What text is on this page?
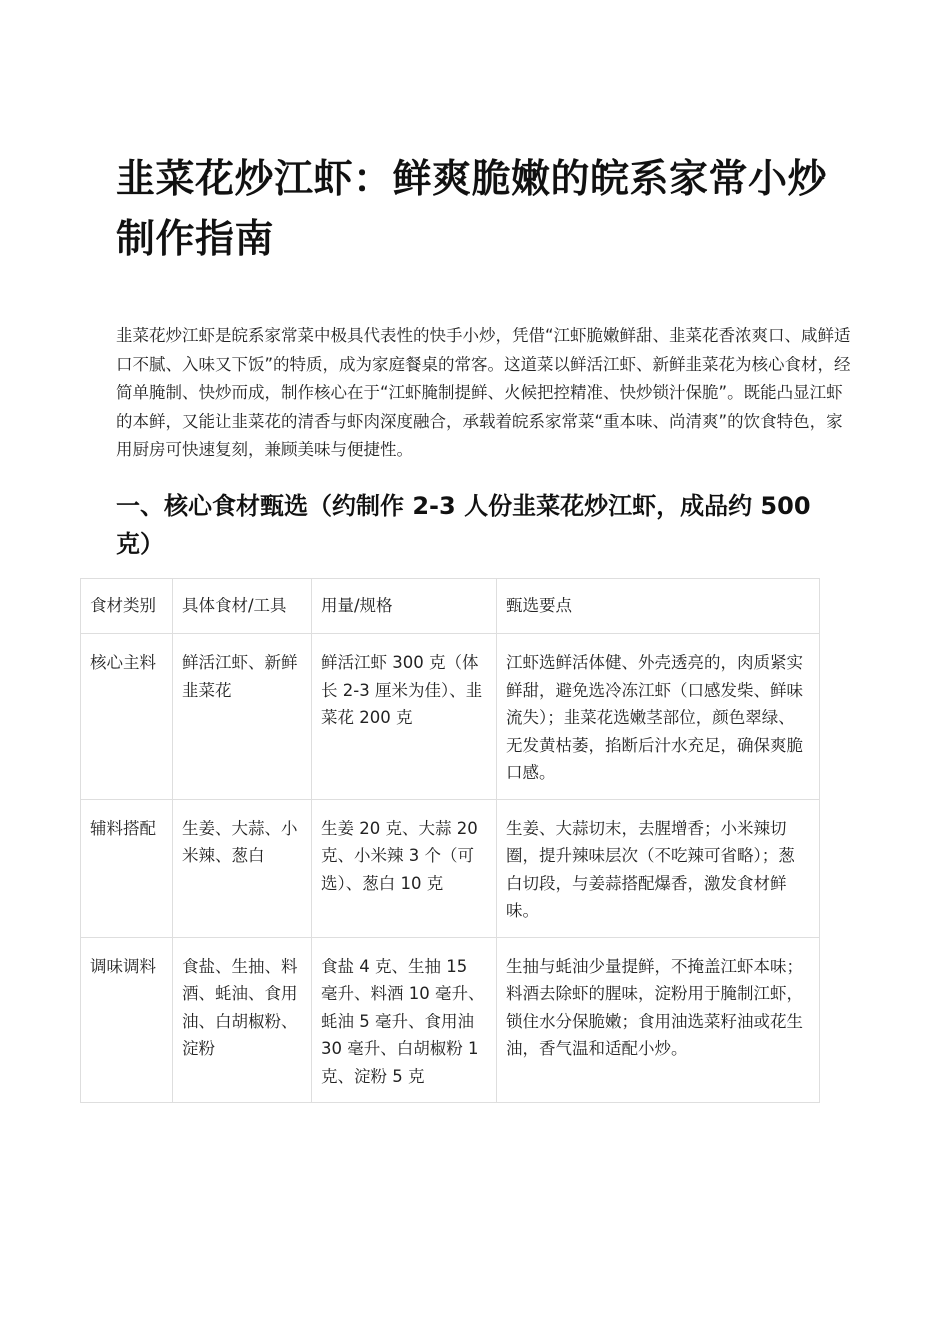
韭菜花炒江虾：鲜爽脆嫩的皖系家常小炒制作指南

韭菜花炒江虾是皖系家常菜中极具代表性的快手小炒，凭借“江虾脆嫩鲜甜、韭菜花香浓爽口、咸鲜适口不腻、入味又下饭”的特质，成为家庭餐桌的常客。这道菜以鲜活江虾、新鲜韭菜花为核心食材，经简单腌制、快炒而成，制作核心在于“江虾腌制提鲜、火候把控精准、快炒锁汁保脆”。既能凸显江虾的本鲜，又能让韭菜花的清香与虾肉深度融合，承载着皖系家常菜“重本味、尚清爽”的饮食特色，家用厨房可快速复刻，兼顾美味与便捷性。

一、核心食材甄选（约制作 2-3 人份韭菜花炒江虾，成品约 500 克）
食材类别	具体食材/工具	用量/规格	甄选要点
核心主料	鲜活江虾、新鲜韭菜花	鲜活江虾 300 克（体长 2-3 厘米为佳）、韭菜花 200 克	江虾选鲜活体健、外壳透亮的，肉质紧实鲜甜，避免选冷冻江虾（口感发柴、鲜味流失）；韭菜花选嫩茎部位，颜色翠绿、无发黄枯萎，掐断后汁水充足，确保爽脆口感。
辅料搭配	生姜、大蒜、小米辣、葱白	生姜 20 克、大蒜 20 克、小米辣 3 个（可选）、葱白 10 克	生姜、大蒜切末，去腥增香；小米辣切圈，提升辣味层次（不吃辣可省略）；葱白切段，与姜蒜搭配爆香，激发食材鲜味。
调味调料	食盐、生抽、料酒、蚝油、食用油、白胡椒粉、淀粉	食盐 4 克、生抽 15 毫升、料酒 10 毫升、蚝油 5 毫升、食用油 30 毫升、白胡椒粉 1 克、淀粉 5 克	生抽与蚝油少量提鲜，不掩盖江虾本味；料酒去除虾的腥味，淀粉用于腌制江虾，锁住水分保脆嫩；食用油选菜籽油或花生油，香气温和适配小炒。
